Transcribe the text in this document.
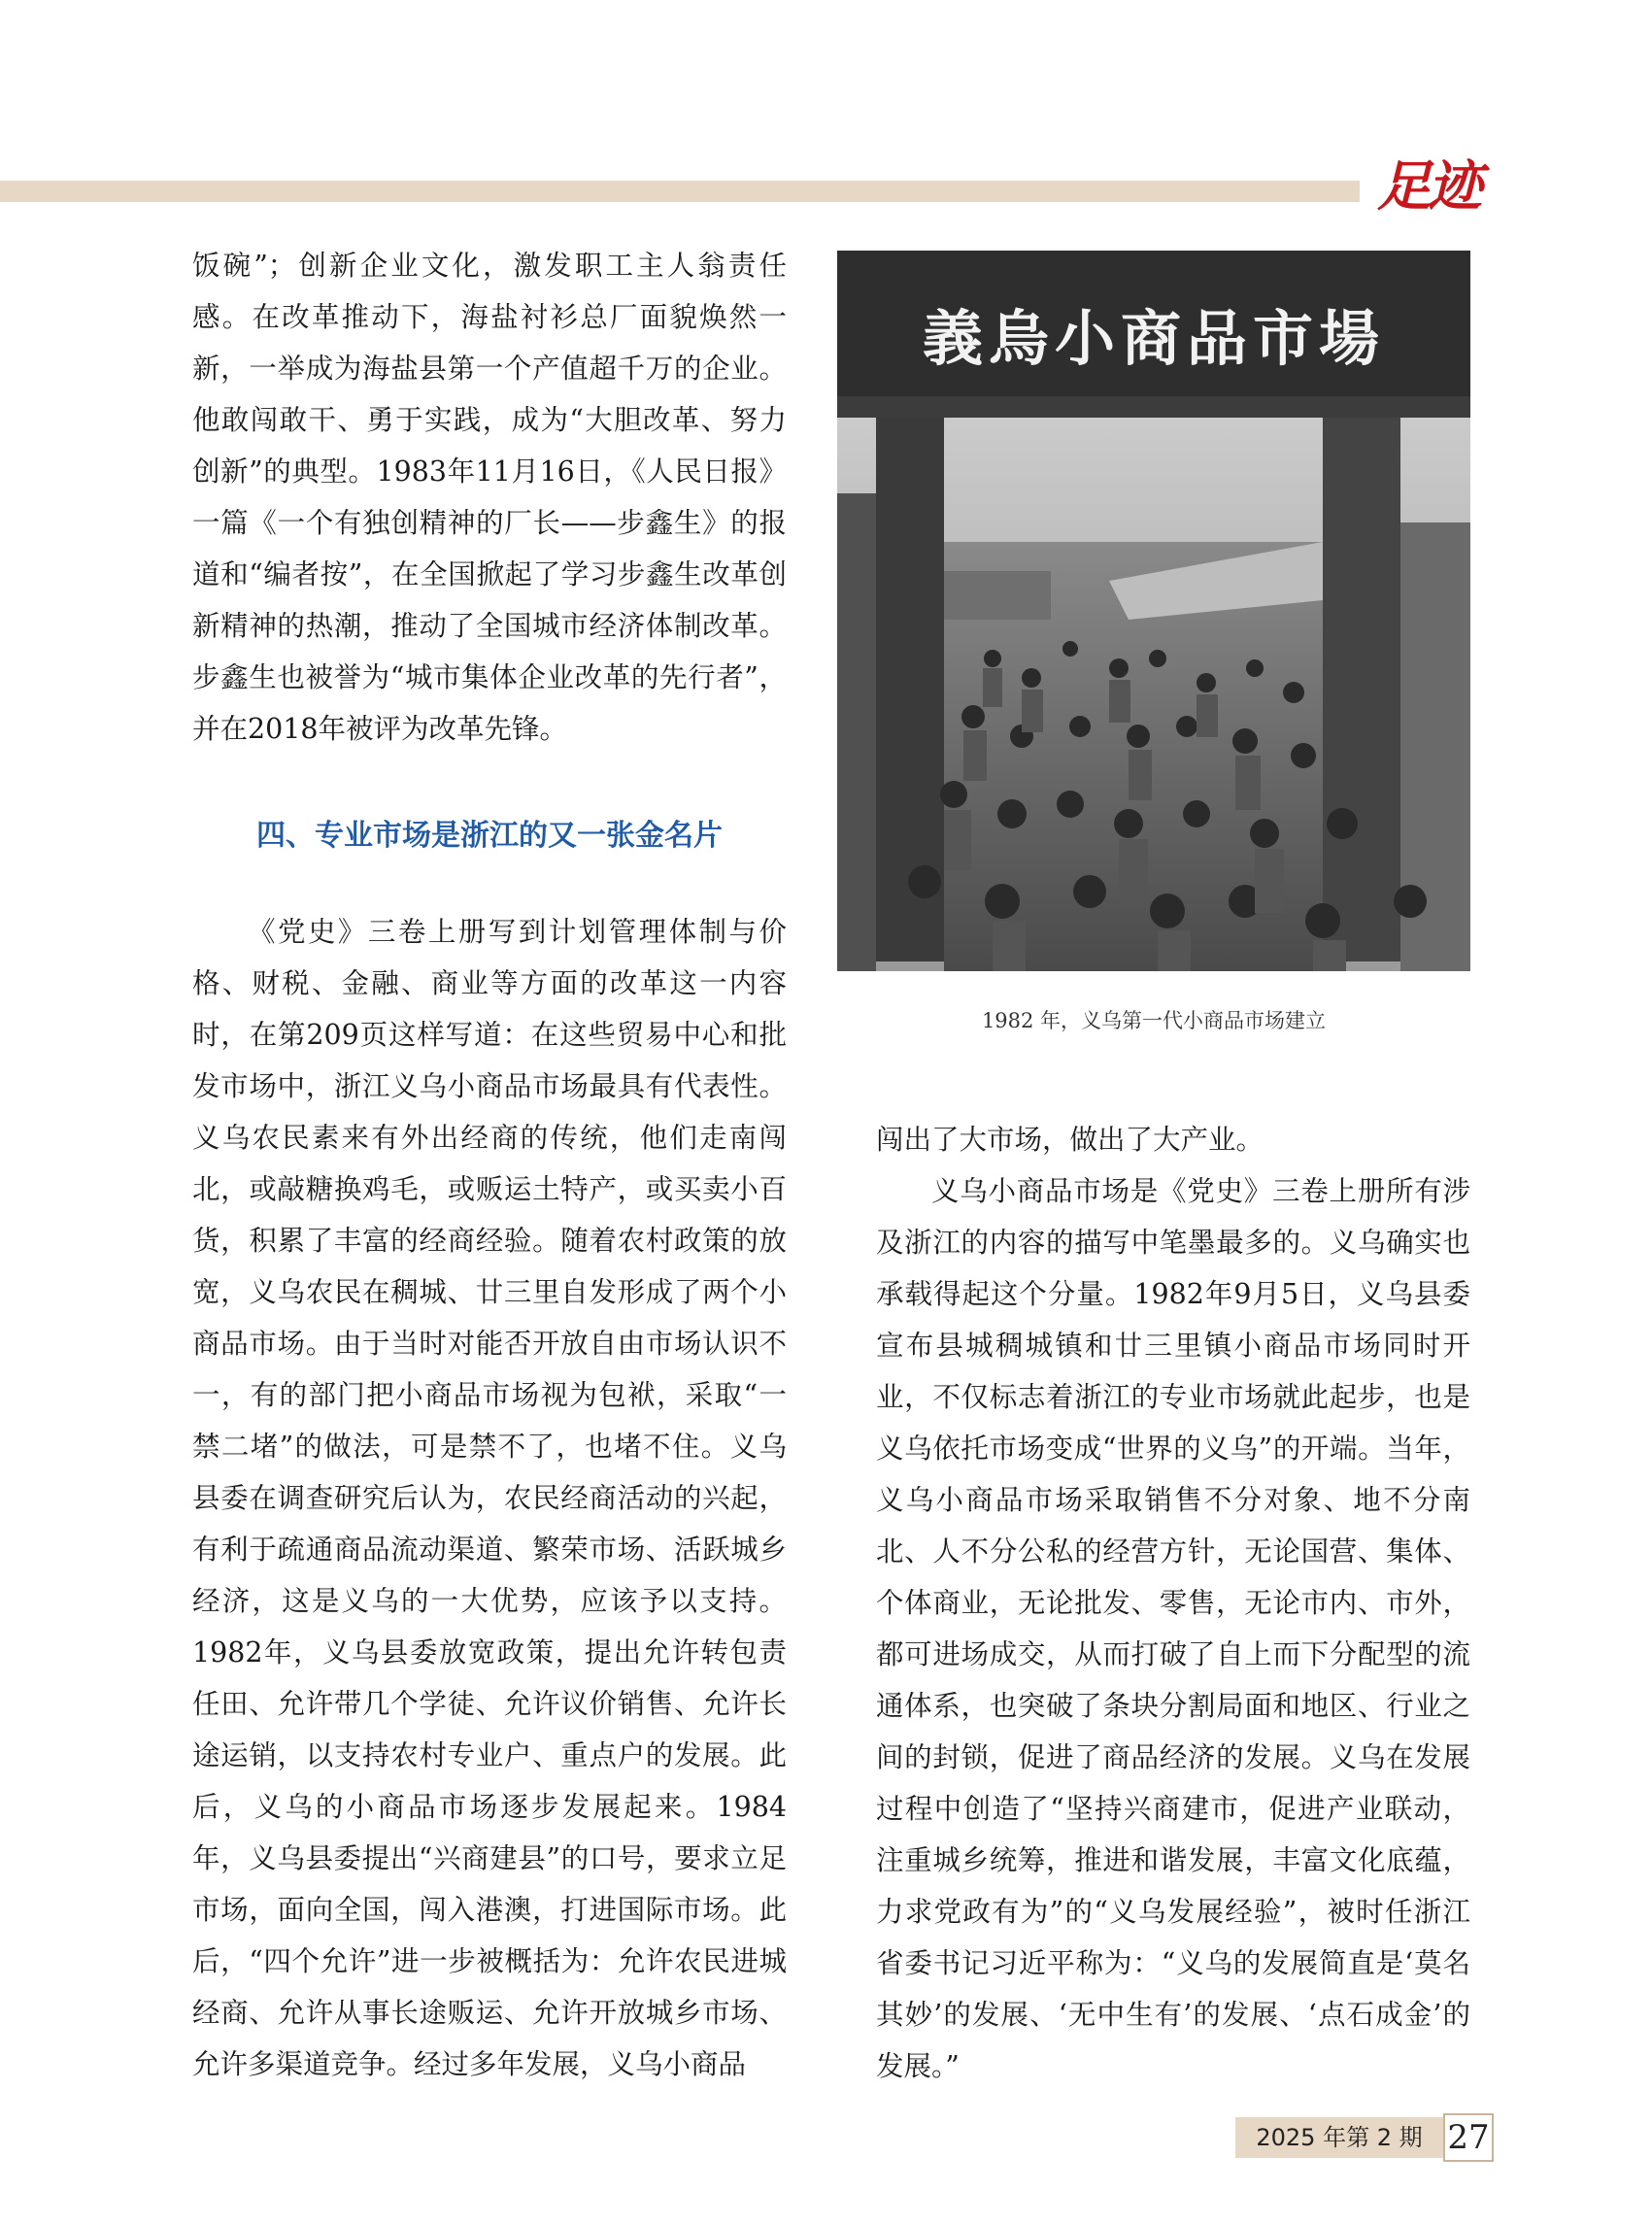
足迹

饭碗”；创新企业文化，激发职工主人翁责任感。在改革推动下，海盐衬衫总厂面貌焕然一新，一举成为海盐县第一个产值超千万的企业。他敢闯敢干、勇于实践，成为“大胆改革、努力创新”的典型。1983年11月16日，《人民日报》一篇《一个有独创精神的厂长——步鑫生》的报道和“编者按”，在全国掀起了学习步鑫生改革创新精神的热潮，推动了全国城市经济体制改革。步鑫生也被誉为“城市集体企业改革的先行者”，并在2018年被评为改革先锋。

四、专业市场是浙江的又一张金名片

《党史》三卷上册写到计划管理体制与价格、财税、金融、商业等方面的改革这一内容时，在第209页这样写道：在这些贸易中心和批发市场中，浙江义乌小商品市场最具有代表性。义乌农民素来有外出经商的传统，他们走南闯北，或敲糖换鸡毛，或贩运土特产，或买卖小百货，积累了丰富的经商经验。随着农村政策的放宽，义乌农民在稠城、廿三里自发形成了两个小商品市场。由于当时对能否开放自由市场认识不一，有的部门把小商品市场视为包袱，采取“一禁二堵”的做法，可是禁不了，也堵不住。义乌县委在调查研究后认为，农民经商活动的兴起，有利于疏通商品流动渠道、繁荣市场、活跃城乡经济，这是义乌的一大优势，应该予以支持。1982年，义乌县委放宽政策，提出允许转包责任田、允许带几个学徒、允许议价销售、允许长途运销，以支持农村专业户、重点户的发展。此后，义乌的小商品市场逐步发展起来。1984年，义乌县委提出“兴商建县”的口号，要求立足市场，面向全国，闯入港澳，打进国际市场。此后，“四个允许”进一步被概括为：允许农民进城经商、允许从事长途贩运、允许开放城乡市场、允许多渠道竞争。经过多年发展，义乌小商品

義烏小商品市場
1982 年，义乌第一代小商品市场建立

闯出了大市场，做出了大产业。

义乌小商品市场是《党史》三卷上册所有涉及浙江的内容的描写中笔墨最多的。义乌确实也承载得起这个分量。1982年9月5日，义乌县委宣布县城稠城镇和廿三里镇小商品市场同时开业，不仅标志着浙江的专业市场就此起步，也是义乌依托市场变成“世界的义乌”的开端。当年，义乌小商品市场采取销售不分对象、地不分南北、人不分公私的经营方针，无论国营、集体、个体商业，无论批发、零售，无论市内、市外，都可进场成交，从而打破了自上而下分配型的流通体系，也突破了条块分割局面和地区、行业之间的封锁，促进了商品经济的发展。义乌在发展过程中创造了“坚持兴商建市，促进产业联动，注重城乡统筹，推进和谐发展，丰富文化底蕴，力求党政有为”的“义乌发展经验”，被时任浙江省委书记习近平称为：“义乌的发展简直是‘莫名其妙’的发展、‘无中生有’的发展、‘点石成金’的发展。”

2025 年第 2 期 27
